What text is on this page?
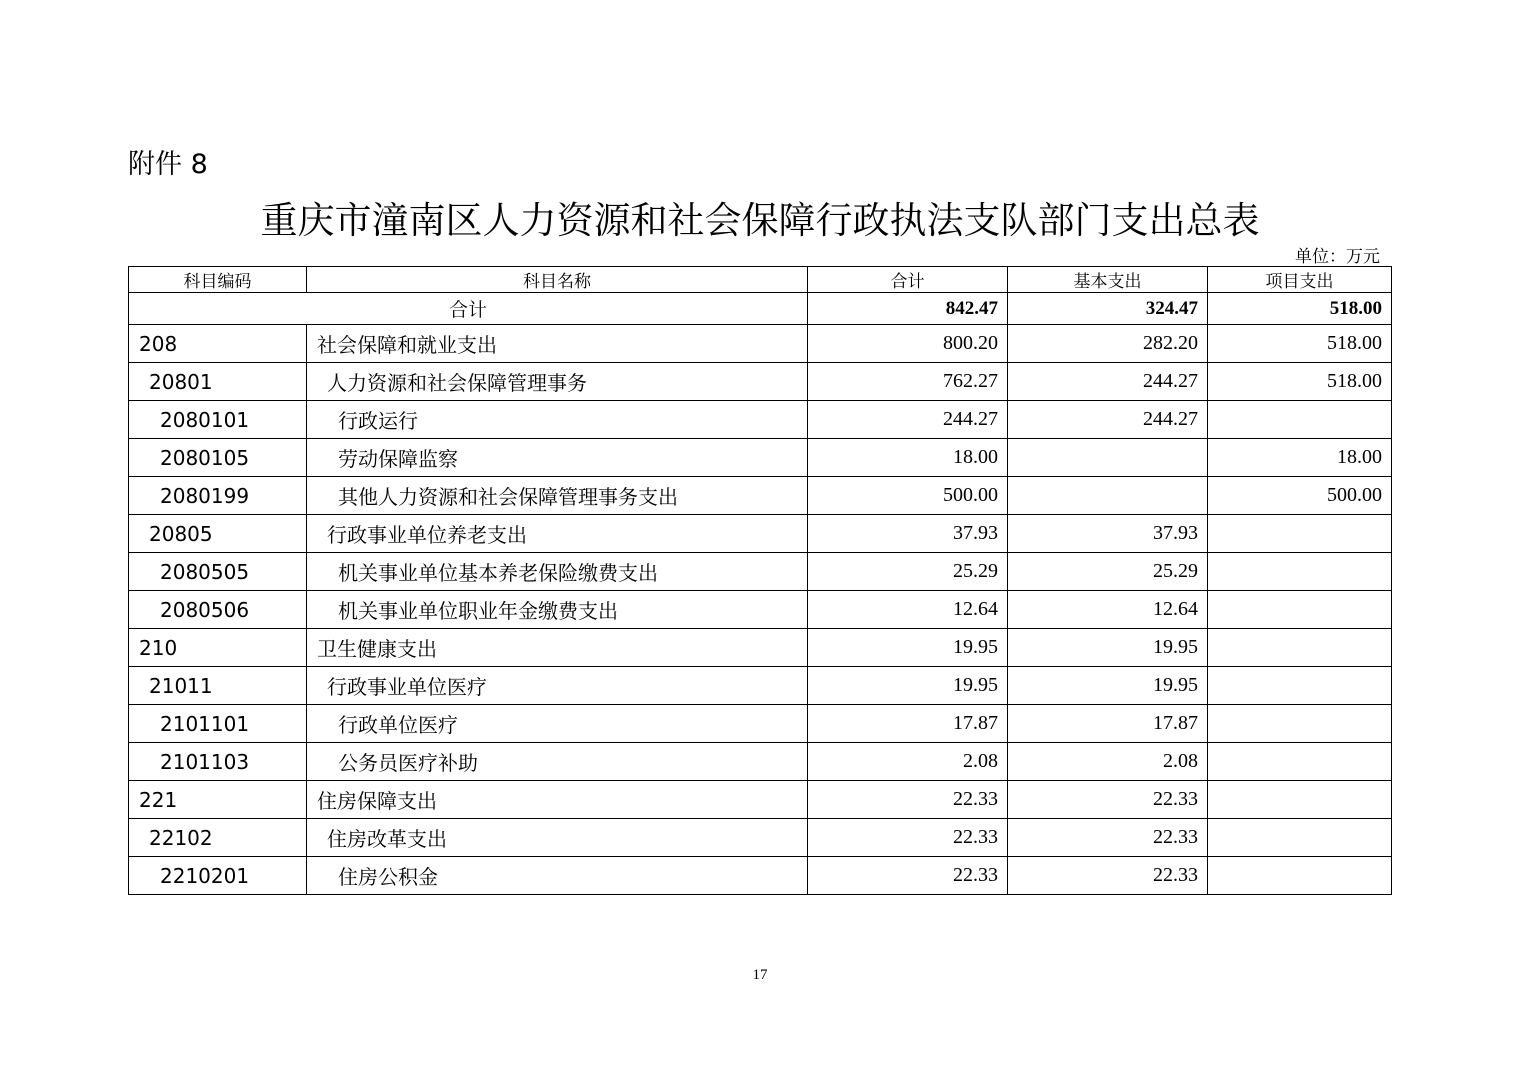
附件 8
重庆市潼南区人力资源和社会保障行政执法支队部门支出总表
单位：万元
科目编码	科目名称	合计	基本支出	项目支出
合计		842.47	324.47	518.00
208	社会保障和就业支出	800.20	282.20	518.00
20801	人力资源和社会保障管理事务	762.27	244.27	518.00
2080101	行政运行	244.27	244.27	
2080105	劳动保障监察	18.00		18.00
2080199	其他人力资源和社会保障管理事务支出	500.00		500.00
20805	行政事业单位养老支出	37.93	37.93	
2080505	机关事业单位基本养老保险缴费支出	25.29	25.29	
2080506	机关事业单位职业年金缴费支出	12.64	12.64	
210	卫生健康支出	19.95	19.95	
21011	行政事业单位医疗	19.95	19.95	
2101101	行政单位医疗	17.87	17.87	
2101103	公务员医疗补助	2.08	2.08	
221	住房保障支出	22.33	22.33	
22102	住房改革支出	22.33	22.33	
2210201	住房公积金	22.33	22.33	
17
